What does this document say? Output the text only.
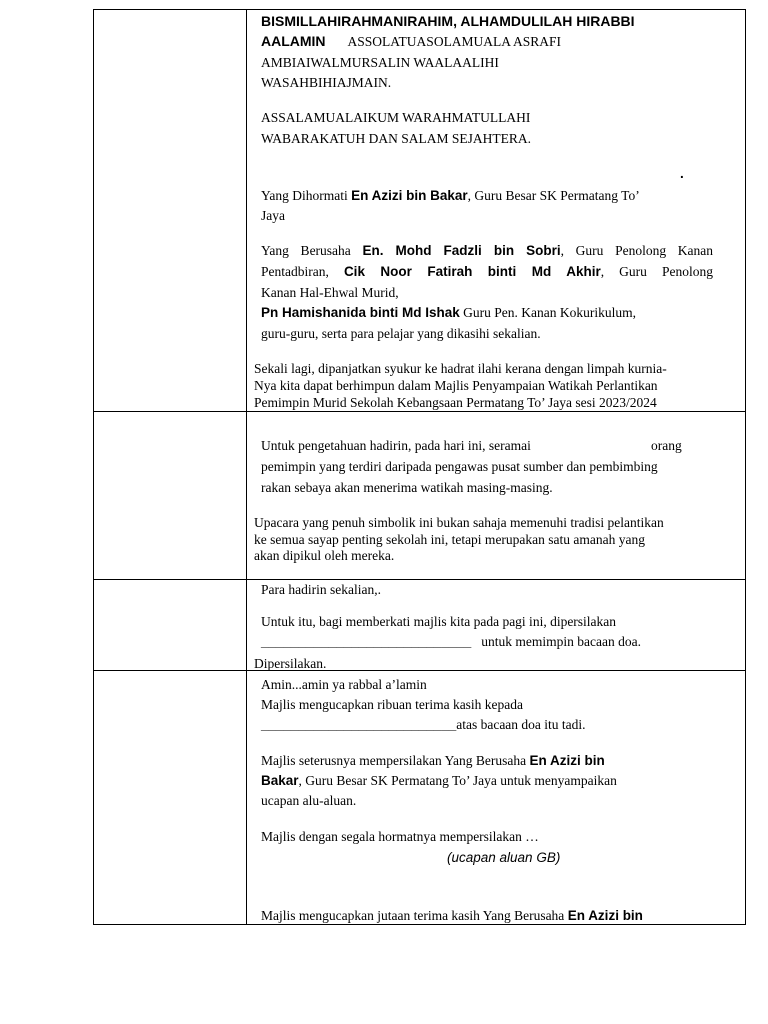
BISMILLAHIRAHMANIRAHIM, ALHAMDULILAH HIRABBI
AALAMIN ASSOLATUASOLAMUALA ASRAFI
AMBIAIWALMURSALIN WAALAALIHI
WASAHBIHIAJMAIN.
ASSALAMUALAIKUM WARAHMATULLAHI
WABARAKATUH DAN SALAM SEJAHTERA.
.
Yang Dihormati En Azizi bin Bakar, Guru Besar SK Permatang To’
Jaya
Yang Berusaha En. Mohd Fadzli bin Sobri, Guru Penolong Kanan
Pentadbiran, Cik Noor Fatirah binti Md Akhir, Guru Penolong
Kanan Hal-Ehwal Murid,
Pn Hamishanida binti Md Ishak Guru Pen. Kanan Kokurikulum,
guru-guru, serta para pelajar yang dikasihi sekalian.
Sekali lagi, dipanjatkan syukur ke hadrat ilahi kerana dengan limpah kurnia-
Nya kita dapat berhimpun dalam Majlis Penyampaian Watikah Perlantikan
Pemimpin Murid Sekolah Kebangsaan Permatang To’ Jaya sesi 2023/2024
Untuk pengetahuan hadirin, pada hari ini, seramai	orang
pemimpin yang terdiri daripada pengawas pusat sumber dan pembimbing
rakan sebaya akan menerima watikah masing-masing.
Upacara yang penuh simbolik ini bukan sahaja memenuhi tradisi pelantikan
ke semua sayap penting sekolah ini, tetapi merupakan satu amanah yang
akan dipikul oleh mereka.
Para hadirin sekalian,.
Untuk itu, bagi memberkati majlis kita pada pagi ini, dipersilakan
____________________________ untuk memimpin bacaan doa.
Dipersilakan.
Amin...amin ya rabbal a’lamin
Majlis mengucapkan ribuan terima kasih kepada
__________________________atas bacaan doa itu tadi.
Majlis seterusnya mempersilakan Yang Berusaha En Azizi bin
Bakar, Guru Besar SK Permatang To’ Jaya untuk menyampaikan
ucapan alu-aluan.
Majlis dengan segala hormatnya mempersilakan …
(ucapan aluan GB)
Majlis mengucapkan jutaan terima kasih Yang Berusaha En Azizi bin
